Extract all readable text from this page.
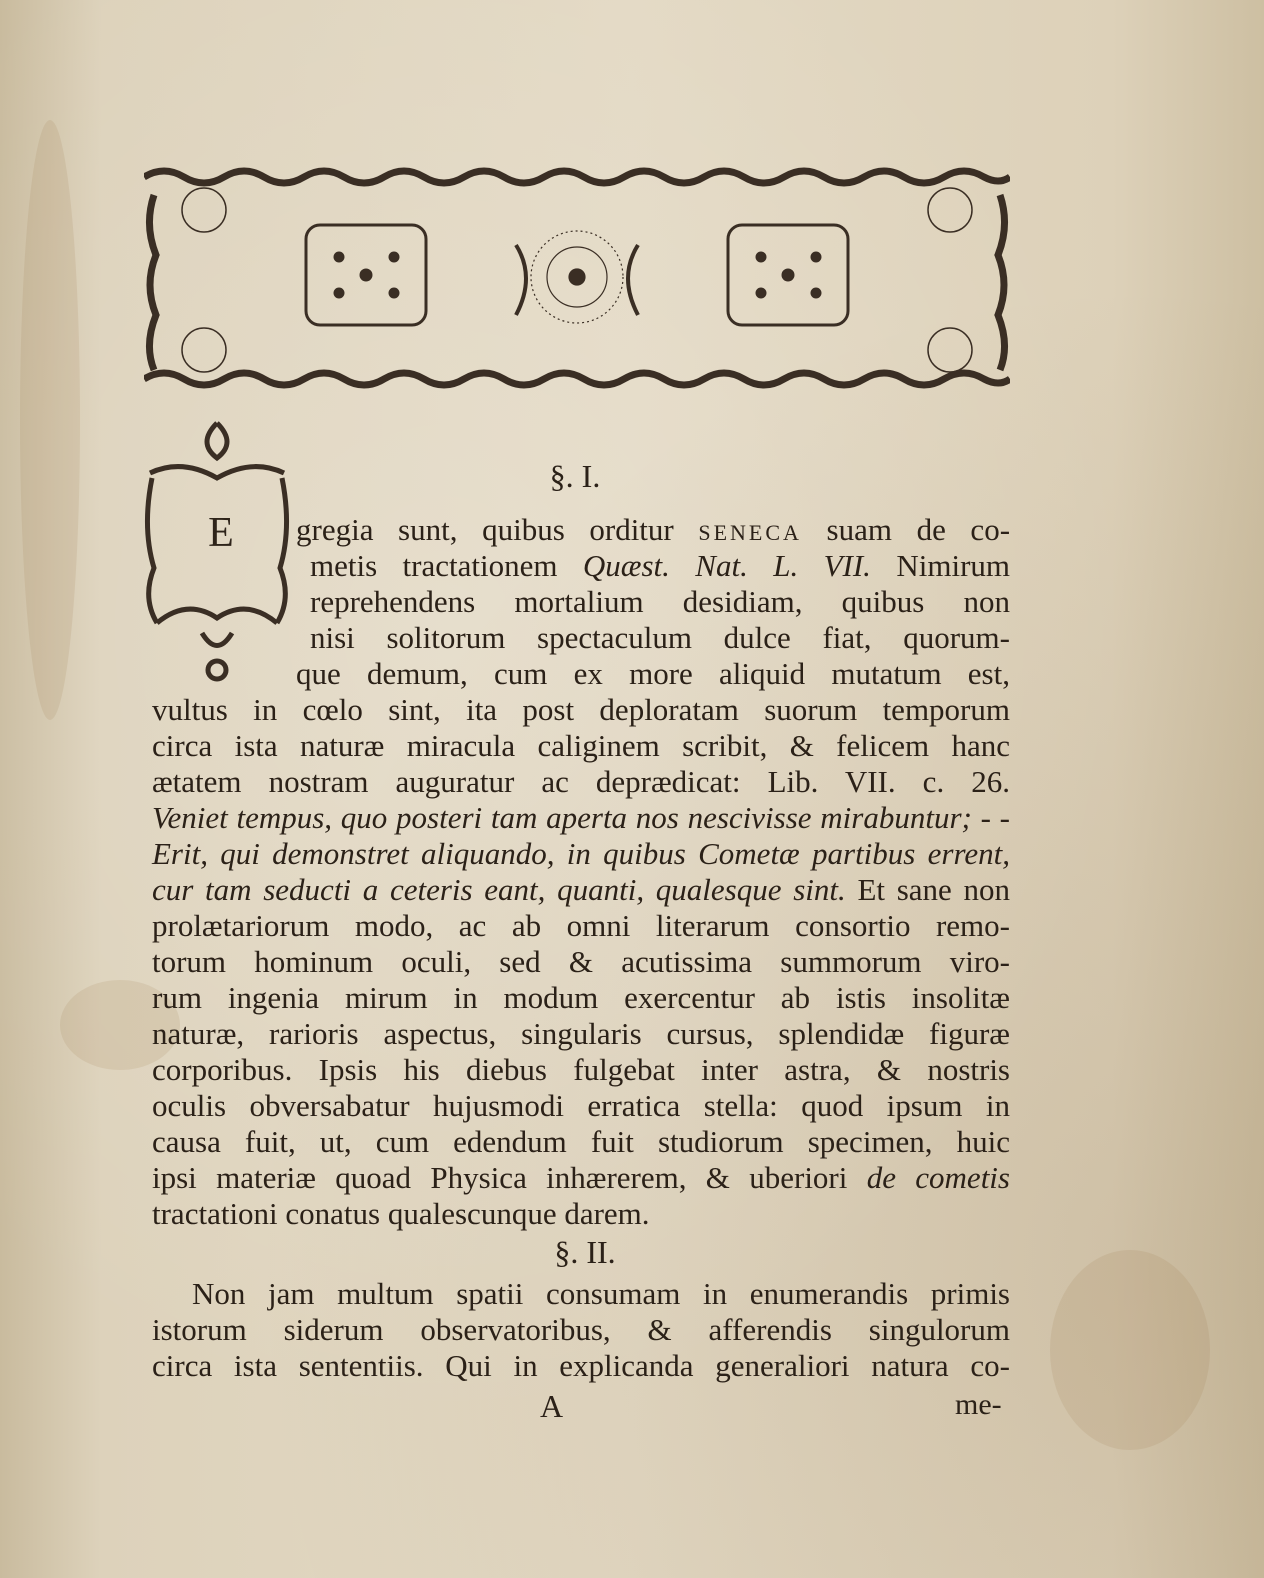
E
§. I.
gregia sunt, quibus orditur SENECA suam de co-
metis tractationem Quæst. Nat. L. VII. Nimirum
reprehendens mortalium desidiam, quibus non
nisi solitorum spectaculum dulce fiat, quorum-
que demum, cum ex more aliquid mutatum est,
vultus in cœlo sint, ita post deploratam suorum temporum
circa ista naturæ miracula caliginem scribit, & felicem hanc
ætatem nostram auguratur ac deprædicat: Lib. VII. c. 26.
Veniet tempus, quo posteri tam aperta nos nescivisse mirabuntur; - -
Erit, qui demonstret aliquando, in quibus Cometæ partibus errent,
cur tam seducti a ceteris eant, quanti, qualesque sint. Et sane non
prolætariorum modo, ac ab omni literarum consortio remo-
torum hominum oculi, sed & acutissima summorum viro-
rum ingenia mirum in modum exercentur ab istis insolitæ
naturæ, rarioris aspectus, singularis cursus, splendidæ figuræ
corporibus. Ipsis his diebus fulgebat inter astra, & nostris
oculis obversabatur hujusmodi erratica stella: quod ipsum in
causa fuit, ut, cum edendum fuit studiorum specimen, huic
ipsi materiæ quoad Physica inhærerem, & uberiori de cometis
tractationi conatus qualescunque darem.
§. II.
Non jam multum spatii consumam in enumerandis primis
istorum siderum observatoribus, & afferendis singulorum
circa ista sententiis. Qui in explicanda generaliori natura co-
A	me-
